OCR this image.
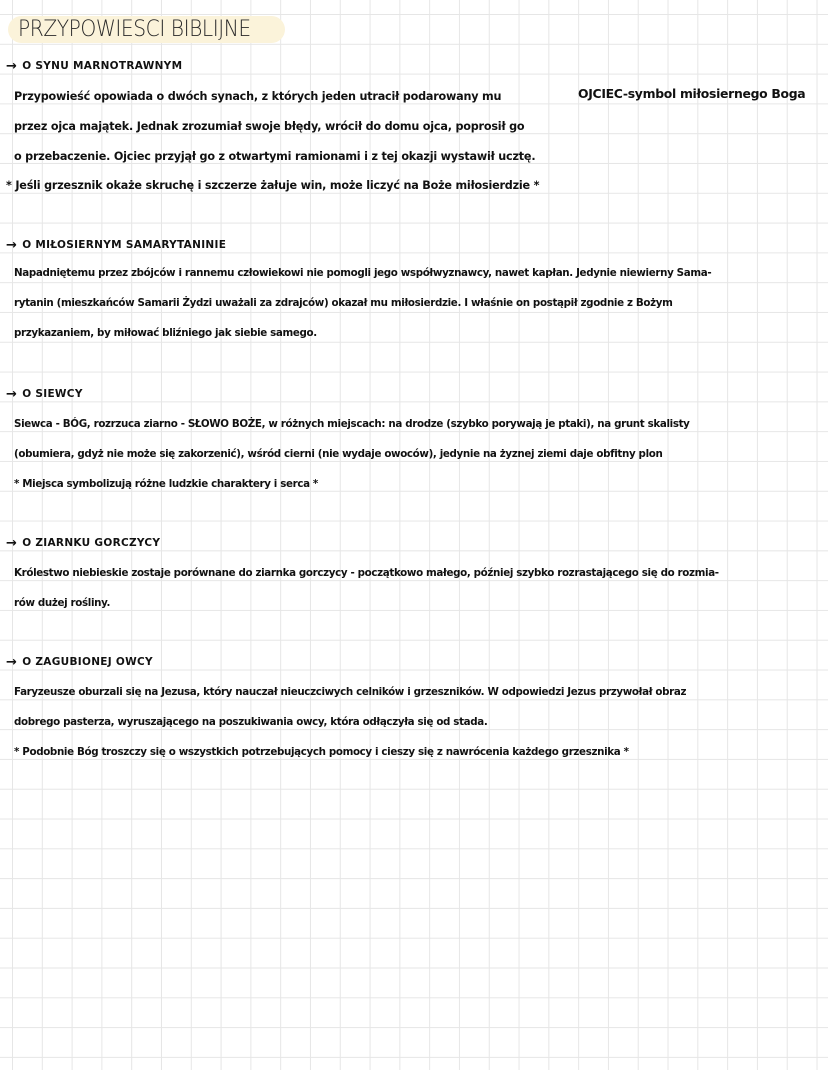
PRZYPOWIESCI BIBLIJNE
→ O SYNU MARNOTRAWNYM
Przypowieść opowiada o dwóch synach, z których jeden utracił podarowany mu
przez ojca majątek. Jednak zrozumiał swoje błędy, wrócił do domu ojca, poprosił go
o przebaczenie. Ojciec przyjął go z otwartymi ramionami i z tej okazji wystawił ucztę.
* Jeśli grzesznik okaże skruchę i szczerze żałuje win, może liczyć na Boże miłosierdzie *
OJCIEC-symbol miłosiernego Boga
→ O MIŁOSIERNYM SAMARYTANINIE
Napadniętemu przez zbójców i rannemu człowiekowi nie pomogli jego współwyznawcy, nawet kapłan. Jedynie niewierny Sama-
rytanin (mieszkańców Samarii Żydzi uważali za zdrajców) okazał mu miłosierdzie. I właśnie on postąpił zgodnie z Bożym
przykazaniem, by miłować bliźniego jak siebie samego.
→ O SIEWCY
Siewca - BÓG, rozrzuca ziarno - SŁOWO BOŻE, w różnych miejscach: na drodze (szybko porywają je ptaki), na grunt skalisty
(obumiera, gdyż nie może się zakorzenić), wśród cierni (nie wydaje owoców), jedynie na żyznej ziemi daje obfitny plon
* Miejsca symbolizują różne ludzkie charaktery i serca *
→ O ZIARNKU GORCZYCY
Królestwo niebieskie zostaje porównane do ziarnka gorczycy - początkowo małego, później szybko rozrastającego się do rozmia-
rów dużej rośliny.
→ O ZAGUBIONEJ OWCY
Faryzeusze oburzali się na Jezusa, który nauczał nieuczciwych celników i grzeszników. W odpowiedzi Jezus przywołał obraz
dobrego pasterza, wyruszającego na poszukiwania owcy, która odłączyła się od stada.
* Podobnie Bóg troszczy się o wszystkich potrzebujących pomocy i cieszy się z nawrócenia każdego grzesznika *
